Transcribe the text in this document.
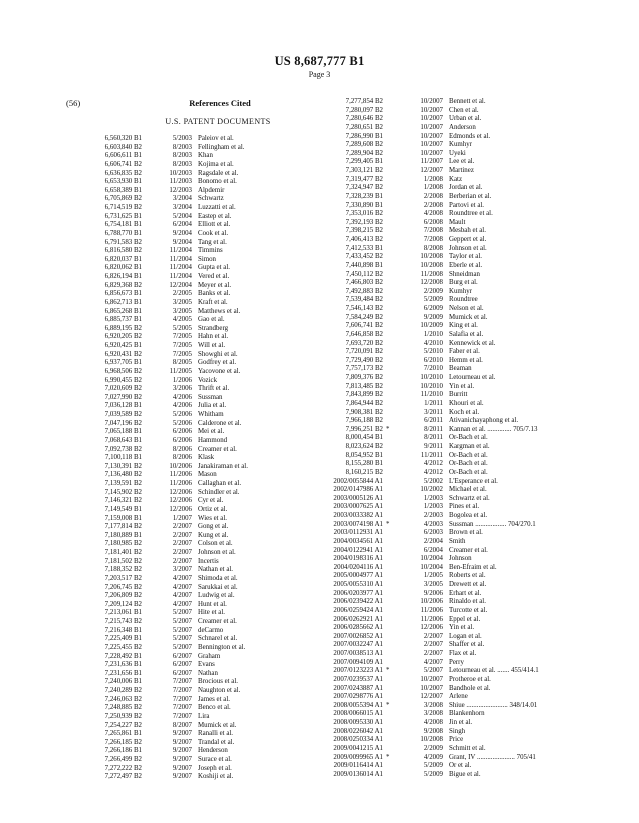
US 8,687,777 B1
Page 3
(56)	References Cited
U.S. PATENT DOCUMENTS
6,560,320 B1	5/2003 Paleiov et al.
6,603,840 B2	8/2003 Fellingham et al.
6,606,611 B1	8/2003 Khan
6,606,741 B2	8/2003 Kojima et al.
6,636,835 B2	10/2003 Ragsdale et al.
6,653,930 B1	11/2003 Bonomo et al.
6,658,389 B1	12/2003 Alpdemir
6,705,869 B2	3/2004 Schwartz
6,714,519 B2	3/2004 Luzzatti et al.
6,731,625 B1	5/2004 Eastep et al.
6,754,181 B1	6/2004 Elliott et al.
6,788,770 B1	9/2004 Cook et al.
6,791,583 B2	9/2004 Tang et al.
6,816,580 B2	11/2004 Timmins
6,820,037 B1	11/2004 Simon
6,820,062 B1	11/2004 Gupta et al.
6,826,194 B1	11/2004 Vered et al.
6,829,368 B2	12/2004 Meyer et al.
6,856,673 B1	2/2005 Banks et al.
6,862,713 B1	3/2005 Kraft et al.
6,865,268 B1	3/2005 Matthews et al.
6,885,737 B1	4/2005 Gao et al.
6,889,195 B2	5/2005 Strandberg
6,920,205 B2	7/2005 Hahn et al.
6,920,425 B1	7/2005 Will et al.
6,920,431 B2	7/2005 Showghi et al.
6,937,705 B1	8/2005 Godfrey et al.
6,968,506 B2	11/2005 Yacovone et al.
6,990,455 B2	1/2006 Vozick
7,020,609 B2	3/2006 Thrift et al.
7,027,990 B2	4/2006 Sussman
7,036,128 B1	4/2006 Julia et al.
7,039,589 B2	5/2006 Whitham
7,047,196 B2	5/2006 Calderone et al.
7,065,188 B1	6/2006 Mei et al.
7,068,643 B1	6/2006 Hammond
7,092,738 B2	8/2006 Creamer et al.
7,100,118 B1	8/2006 Klask
7,130,391 B2	10/2006 Janakiraman et al.
7,136,480 B2	11/2006 Mason
7,139,591 B2	11/2006 Callaghan et al.
7,145,902 B2	12/2006 Schindler et al.
7,146,321 B2	12/2006 Cyr et al.
7,149,549 B1	12/2006 Ortiz et al.
7,159,008 B1	1/2007 Wies et al.
7,177,814 B2	2/2007 Gong et al.
7,180,889 B1	2/2007 Kung et al.
7,180,985 B2	2/2007 Colson et al.
7,181,401 B2	2/2007 Johnson et al.
7,181,502 B2	2/2007 Incertis
7,188,352 B2	3/2007 Nathan et al.
7,203,517 B2	4/2007 Shimoda et al.
7,206,745 B2	4/2007 Sarukkai et al.
7,206,809 B2	4/2007 Ludwig et al.
7,209,124 B2	4/2007 Hunt et al.
7,213,061 B1	5/2007 Hite et al.
7,215,743 B2	5/2007 Creamer et al.
7,216,348 B1	5/2007 deCarmo
7,225,409 B1	5/2007 Schnarel et al.
7,225,455 B2	5/2007 Bennington et al.
7,228,492 B1	6/2007 Graham
7,231,636 B1	6/2007 Evans
7,231,656 B1	6/2007 Nathan
7,240,006 B1	7/2007 Brocious et al.
7,240,289 B2	7/2007 Naughton et al.
7,246,063 B2	7/2007 James et al.
7,248,885 B2	7/2007 Benco et al.
7,250,939 B2	7/2007 Lira
7,254,227 B2	8/2007 Mumick et al.
7,265,861 B1	9/2007 Ranalli et al.
7,266,185 B2	9/2007 Trandal et al.
7,266,186 B1	9/2007 Henderson
7,266,499 B2	9/2007 Surace et al.
7,272,222 B2	9/2007 Joseph et al.
7,272,497 B2	9/2007 Koshiji et al.
7,277,854 B2	10/2007 Bennett et al.
7,280,097 B2	10/2007 Chen et al.
7,280,646 B2	10/2007 Urban et al.
7,280,651 B2	10/2007 Anderson
7,286,990 B1	10/2007 Edmonds et al.
7,289,608 B2	10/2007 Kumhyr
7,289,904 B2	10/2007 Uyeki
7,299,405 B1	11/2007 Lee et al.
7,303,121 B2	12/2007 Martinez
7,319,477 B2	1/2008 Katz
7,324,947 B2	1/2008 Jordan et al.
7,328,239 B1	2/2008 Berberian et al.
7,330,890 B1	2/2008 Partovi et al.
7,353,016 B2	4/2008 Roundtree et al.
7,392,193 B2	6/2008 Mault
7,398,215 B2	7/2008 Mesbah et al.
7,406,413 B2	7/2008 Geppert et al.
7,412,533 B1	8/2008 Johnson et al.
7,433,452 B2	10/2008 Taylor et al.
7,440,898 B1	10/2008 Eberle et al.
7,450,112 B2	11/2008 Shneidman
7,466,803 B2	12/2008 Burg et al.
7,492,883 B2	2/2009 Kumhyr
7,539,484 B2	5/2009 Roundtree
7,546,143 B2	6/2009 Nelson et al.
7,584,249 B2	9/2009 Mumick et al.
7,606,741 B2	10/2009 King et al.
7,646,858 B2	1/2010 Salafia et al.
7,693,720 B2	4/2010 Kennewick et al.
7,720,091 B2	5/2010 Faber et al.
7,729,490 B2	6/2010 Hemm et al.
7,757,173 B2	7/2010 Beaman
7,809,376 B2	10/2010 Letourneau et al.
7,813,485 B2	10/2010 Yin et al.
7,843,899 B2	11/2010 Burritt
7,864,944 B2	1/2011 Khouri et al.
7,908,381 B2	3/2011 Koch et al.
7,966,188 B2	6/2011 Ativanichayaphong et al.
7,996,251 B2 *	8/2011 Kannan et al. .............. 705/7.13
8,000,454 B1	8/2011 Or-Bach et al.
8,023,624 B2	9/2011 Kargman et al.
8,054,952 B1	11/2011 Or-Bach et al.
8,155,280 B1	4/2012 Or-Bach et al.
8,160,215 B2	4/2012 Or-Bach et al.
2002/0055844 A1	5/2002 L'Esperance et al.
2002/0147986 A1	10/2002 Michael et al.
2003/0005126 A1	1/2003 Schwartz et al.
2003/0007625 A1	1/2003 Pines et al.
2003/0033382 A1	2/2003 Bogolea et al.
2003/0074198 A1 *	4/2003 Sussman .................. 704/270.1
2003/0112931 A1	6/2003 Brown et al.
2004/0034561 A1	2/2004 Smith
2004/0122941 A1	6/2004 Creamer et al.
2004/0198316 A1	10/2004 Johnson
2004/0204116 A1	10/2004 Ben-Efraim et al.
2005/0004977 A1	1/2005 Roberts et al.
2005/0055310 A1	3/2005 Drewett et al.
2006/0203977 A1	9/2006 Erhart et al.
2006/0239422 A1	10/2006 Rinaldo et al.
2006/0259424 A1	11/2006 Turcotte et al.
2006/0262921 A1	11/2006 Eppel et al.
2006/0285662 A1	12/2006 Yin et al.
2007/0026852 A1	2/2007 Logan et al.
2007/0032247 A1	2/2007 Shaffer et al.
2007/0038513 A1	2/2007 Flax et al.
2007/0094109 A1	4/2007 Perry
2007/0123223 A1 *	5/2007 Letourneau et al. ....... 455/414.1
2007/0239537 A1	10/2007 Protheroe et al.
2007/0243887 A1	10/2007 Bandhole et al.
2007/0298776 A1	12/2007 Arlene
2008/0055394 A1 *	3/2008 Shiue ........................ 348/14.01
2008/0066015 A1	3/2008 Blankenhorn
2008/0095330 A1	4/2008 Jin et al.
2008/0226042 A1	9/2008 Singh
2008/0250334 A1	10/2008 Price
2009/0041215 A1	2/2009 Schmitt et al.
2009/0099965 A1 *	4/2009 Grant, IV ...................... 705/41
2009/0116414 A1	5/2009 Or et al.
2009/0136014 A1	5/2009 Bigue et al.
